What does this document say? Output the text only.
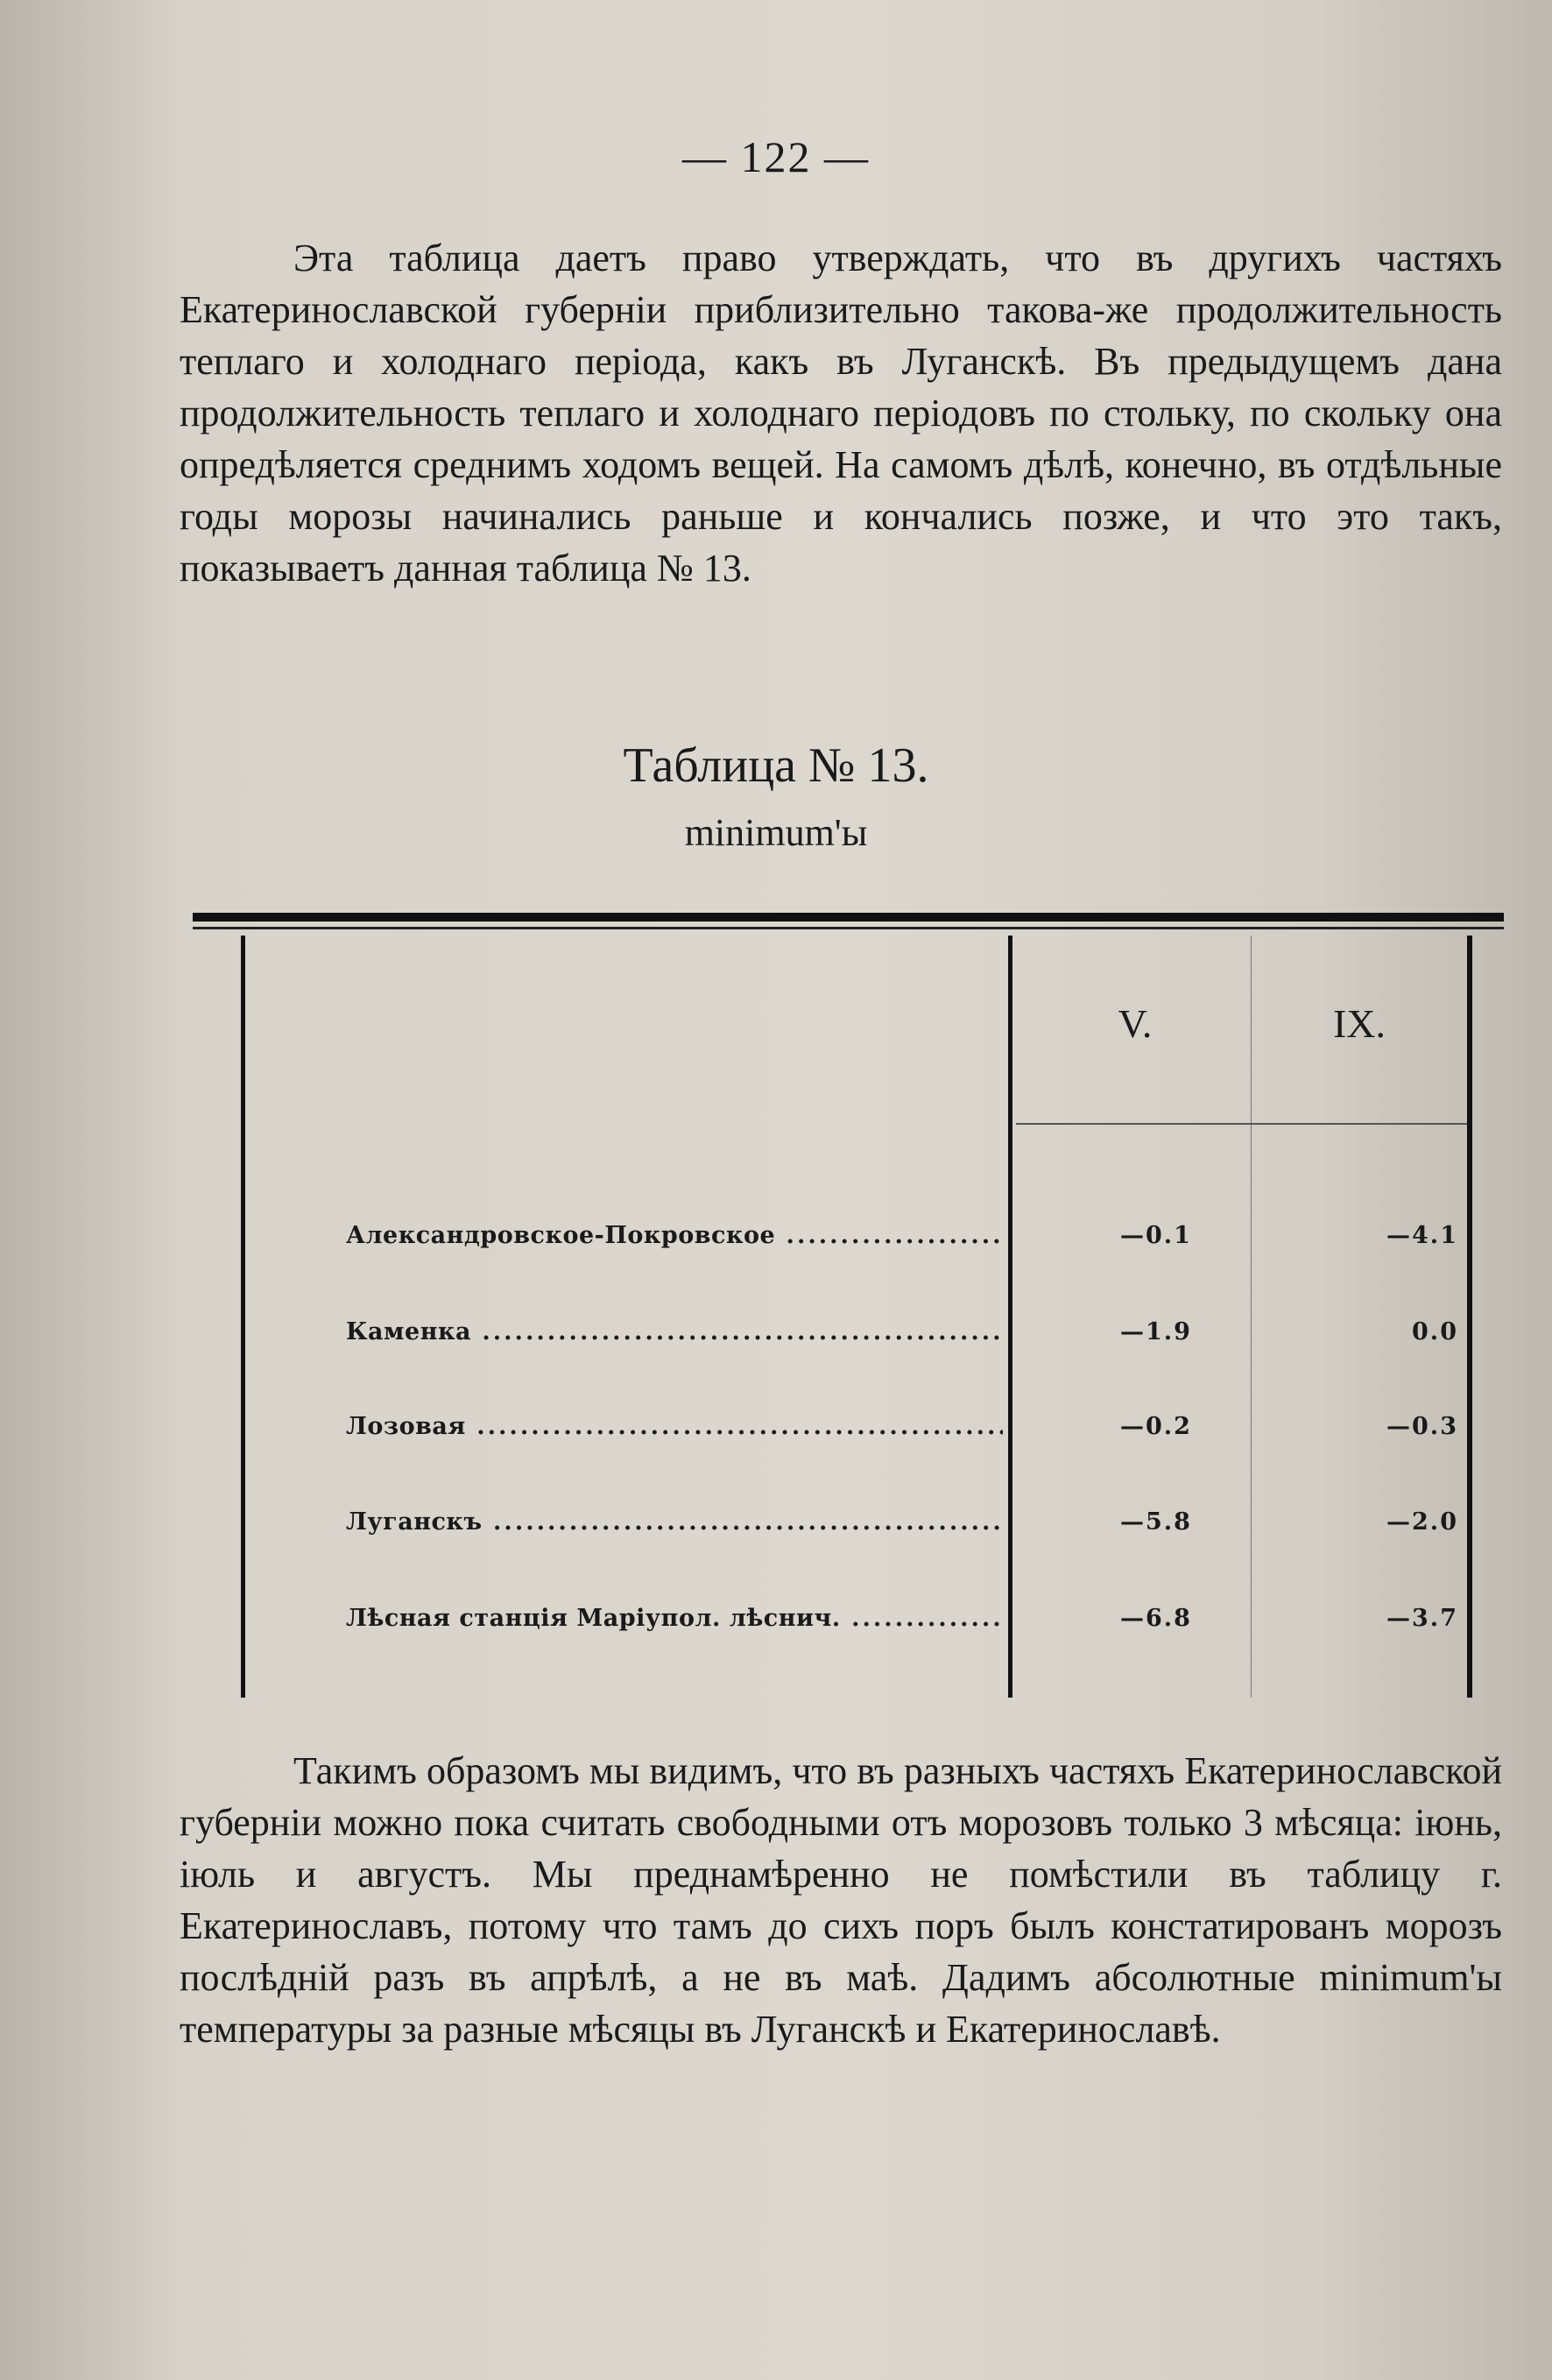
— 122 —

Эта таблица даетъ право утверждать, что въ другихъ частяхъ Екатеринославской губерніи приблизительно такова-же продолжительность теплаго и холоднаго періода, какъ въ Луганскѣ. Въ предыдущемъ дана продолжительность теплаго и холоднаго періодовъ по стольку, по скольку она опредѣляется среднимъ ходомъ вещей. На самомъ дѣлѣ, конечно, въ отдѣльные годы морозы начинались раньше и кончались позже, и что это такъ, показываетъ данная таблица № 13.

Таблица № 13.
minimum'ы
V.	IX.
Александровское-Покровское .....	—0.1	—4.1
Каменка .....	—1.9	0.0
Лозовая .....	—0.2	—0.3
Луганскъ .....	—5.8	—2.0
Лѣсная станція Маріупол. лѣснич. .....	—6.8	—3.7

Такимъ образомъ мы видимъ, что въ разныхъ частяхъ Екатеринославской губерніи можно пока считать свободными отъ морозовъ только 3 мѣсяца: іюнь, іюль и августъ. Мы преднамѣренно не помѣстили въ таблицу г. Екатеринославъ, потому что тамъ до сихъ поръ былъ констатированъ морозъ послѣдній разъ въ апрѣлѣ, а не въ маѣ. Дадимъ абсолютные minimum'ы температуры за разные мѣсяцы въ Луганскѣ и Екатеринославѣ.
